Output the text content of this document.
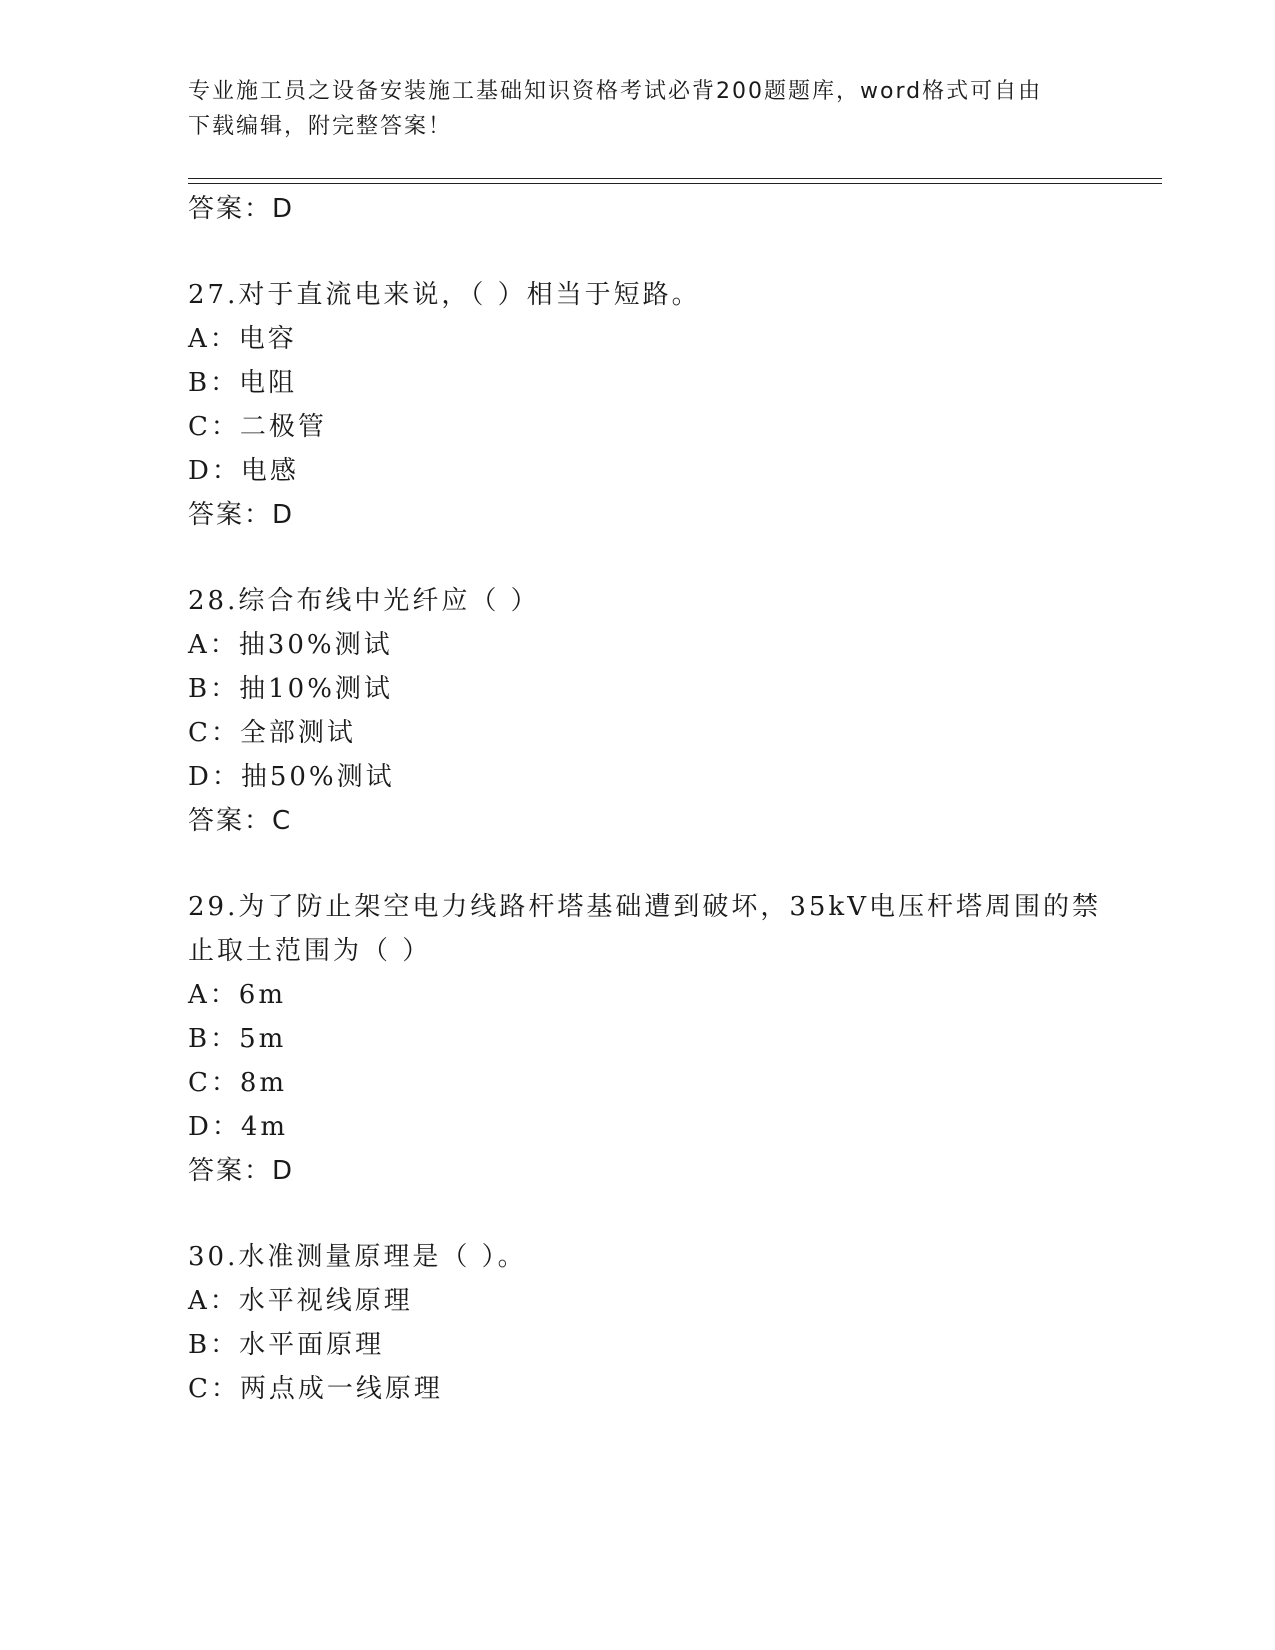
专业施工员之设备安装施工基础知识资格考试必背200题题库，word格式可自由
下载编辑，附完整答案！
答案：D
27.对于直流电来说，（ ）相当于短路。
A：电容
B：电阻
C：二极管
D：电感
答案：D
28.综合布线中光纤应（ ）
A：抽30%测试
B：抽10%测试
C：全部测试
D：抽50%测试
答案：C
29.为了防止架空电力线路杆塔基础遭到破坏，35kV电压杆塔周围的禁
止取土范围为（ ）
A：6m
B：5m
C：8m
D：4m
答案：D
30.水准测量原理是（ ）。
A：水平视线原理
B：水平面原理
C：两点成一线原理
